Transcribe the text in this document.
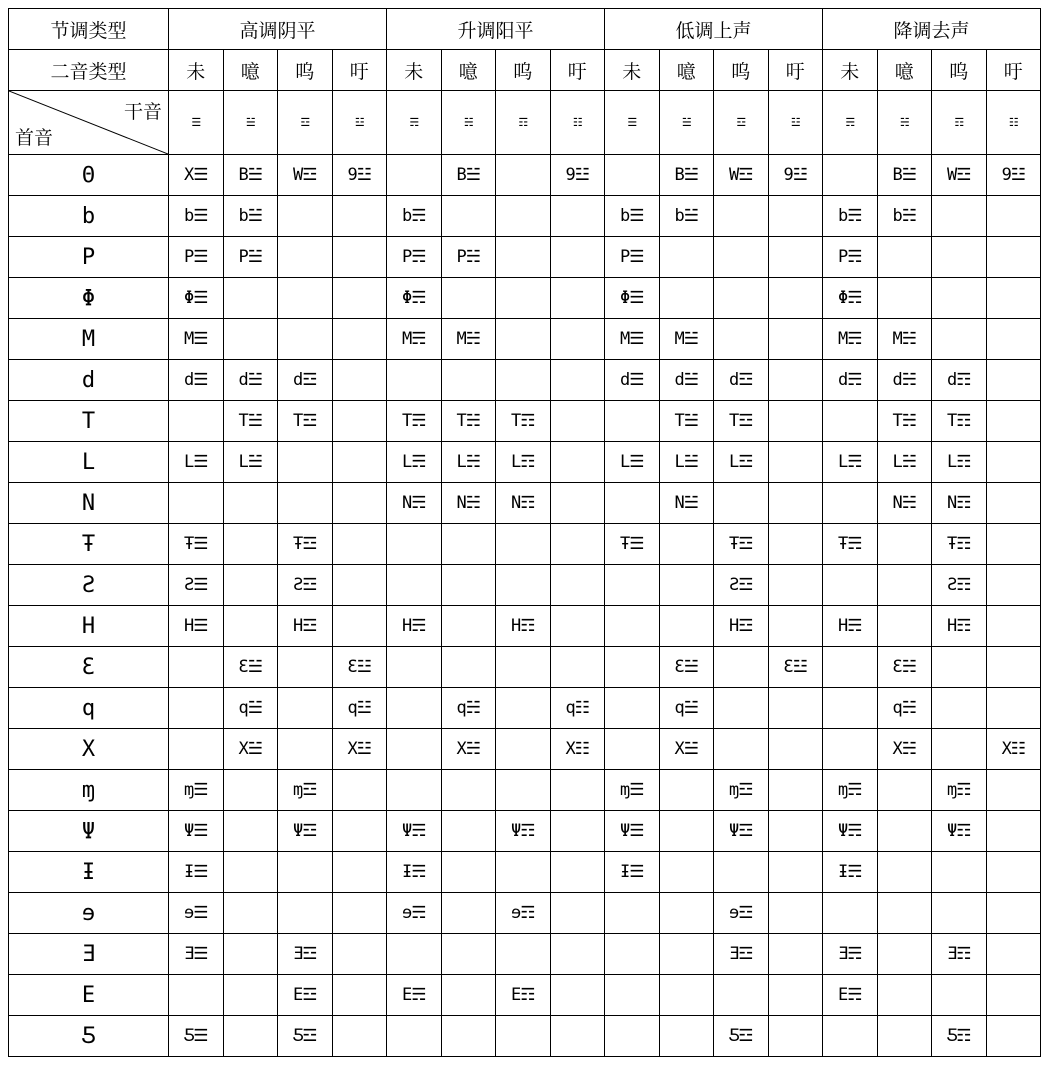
节调类型	高调阴平				升调阳平				低调上声				降调去声			
二音类型	未	噫	呜	吁	未	噫	呜	吁	未	噫	呜	吁	未	噫	呜	吁

干音
首音	☰	☱	☲	☳	☴	☵	☶	☷	☰	☱	☲	☳	☴	☵	☶	☷
Θ	X☰	B☱	W☲	9☳		B☱		9☳		B☱	W☲	9☳		B☱	W☲	9☳
b	b☰	b☱			b☴				b☰	b☱			b☴	b☵		
P	P☰	P☱			P☴	P☵			P☰				P☴			
Φ	Φ☰				Φ☴				Φ☰				Φ☴			
M	M☰				M☴	M☵			M☰	M☱			M☴	M☵		
d	d☰	d☱	d☲						d☰	d☱	d☲		d☴	d☵	d☶	
T		T☱	T☲		T☴	T☵	T☶			T☱	T☲			T☵	T☶	
L	L☰	L☱			L☴	L☵	L☶		L☰	L☱	L☲		L☴	L☵	L☶	
N					N☴	N☵	N☶			N☱				N☵	N☶	
Ŧ	Ŧ☰		Ŧ☲						Ŧ☰		Ŧ☲		Ŧ☴		Ŧ☶	
Ƨ	Ƨ☰		Ƨ☲								Ƨ☲				Ƨ☶	
H	H☰		H☲		H☴		H☶				H☲		H☴		H☶	
Ɛ		Ɛ☱		Ɛ☳						Ɛ☱		Ɛ☳		Ɛ☵		
q		q☱		q☳		q☵		q☷		q☱				q☵		
X		X☱		X☳		X☵		X☷		X☱				X☵		X☷
ɱ	ɱ☰		ɱ☲						ɱ☰		ɱ☲		ɱ☴		ɱ☶	
Ψ	Ψ☰		Ψ☲		Ψ☴		Ψ☶		Ψ☰		Ψ☲		Ψ☴		Ψ☶	
Ɨ	Ɨ☰				Ɨ☴				Ɨ☰				Ɨ☴			
ɘ	ɘ☰				ɘ☴		ɘ☶				ɘ☲					
Ǝ	Ǝ☰		Ǝ☲								Ǝ☲		Ǝ☴		Ǝ☶	
E			E☲		E☴		E☶						E☴			
Ƽ	Ƽ☰		Ƽ☲								Ƽ☲				Ƽ☶	
